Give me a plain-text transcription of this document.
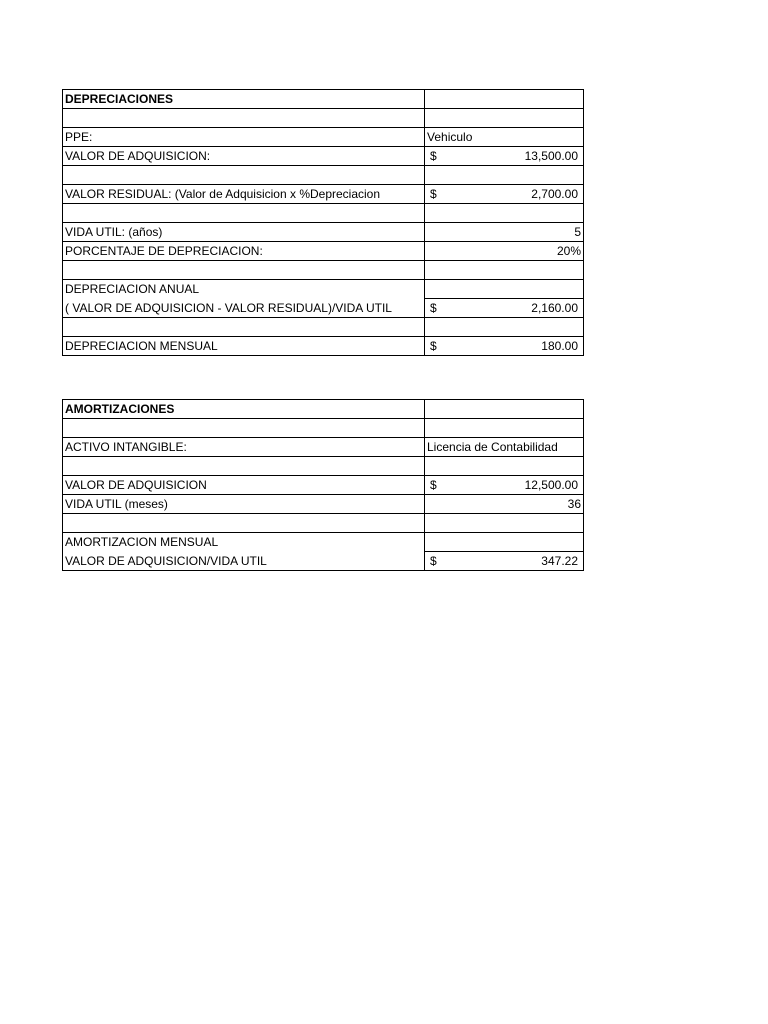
DEPRECIACIONES	

PPE:	Vehiculo
VALOR DE ADQUISICION:	$ 13,500.00

VALOR RESIDUAL: (Valor de Adquisicion x %Depreciacion	$ 2,700.00

VIDA UTIL: (años)	5
PORCENTAJE DE DEPRECIACION:	20%

DEPRECIACION ANUAL	
( VALOR DE ADQUISICION - VALOR RESIDUAL)/VIDA UTIL	$ 2,160.00

DEPRECIACION MENSUAL	$ 180.00
AMORTIZACIONES	

ACTIVO INTANGIBLE:	Licencia de Contabilidad

VALOR DE ADQUISICION	$ 12,500.00

VIDA UTIL (meses)	36

AMORTIZACION MENSUAL	
VALOR DE ADQUISICION/VIDA UTIL	$ 347.22
